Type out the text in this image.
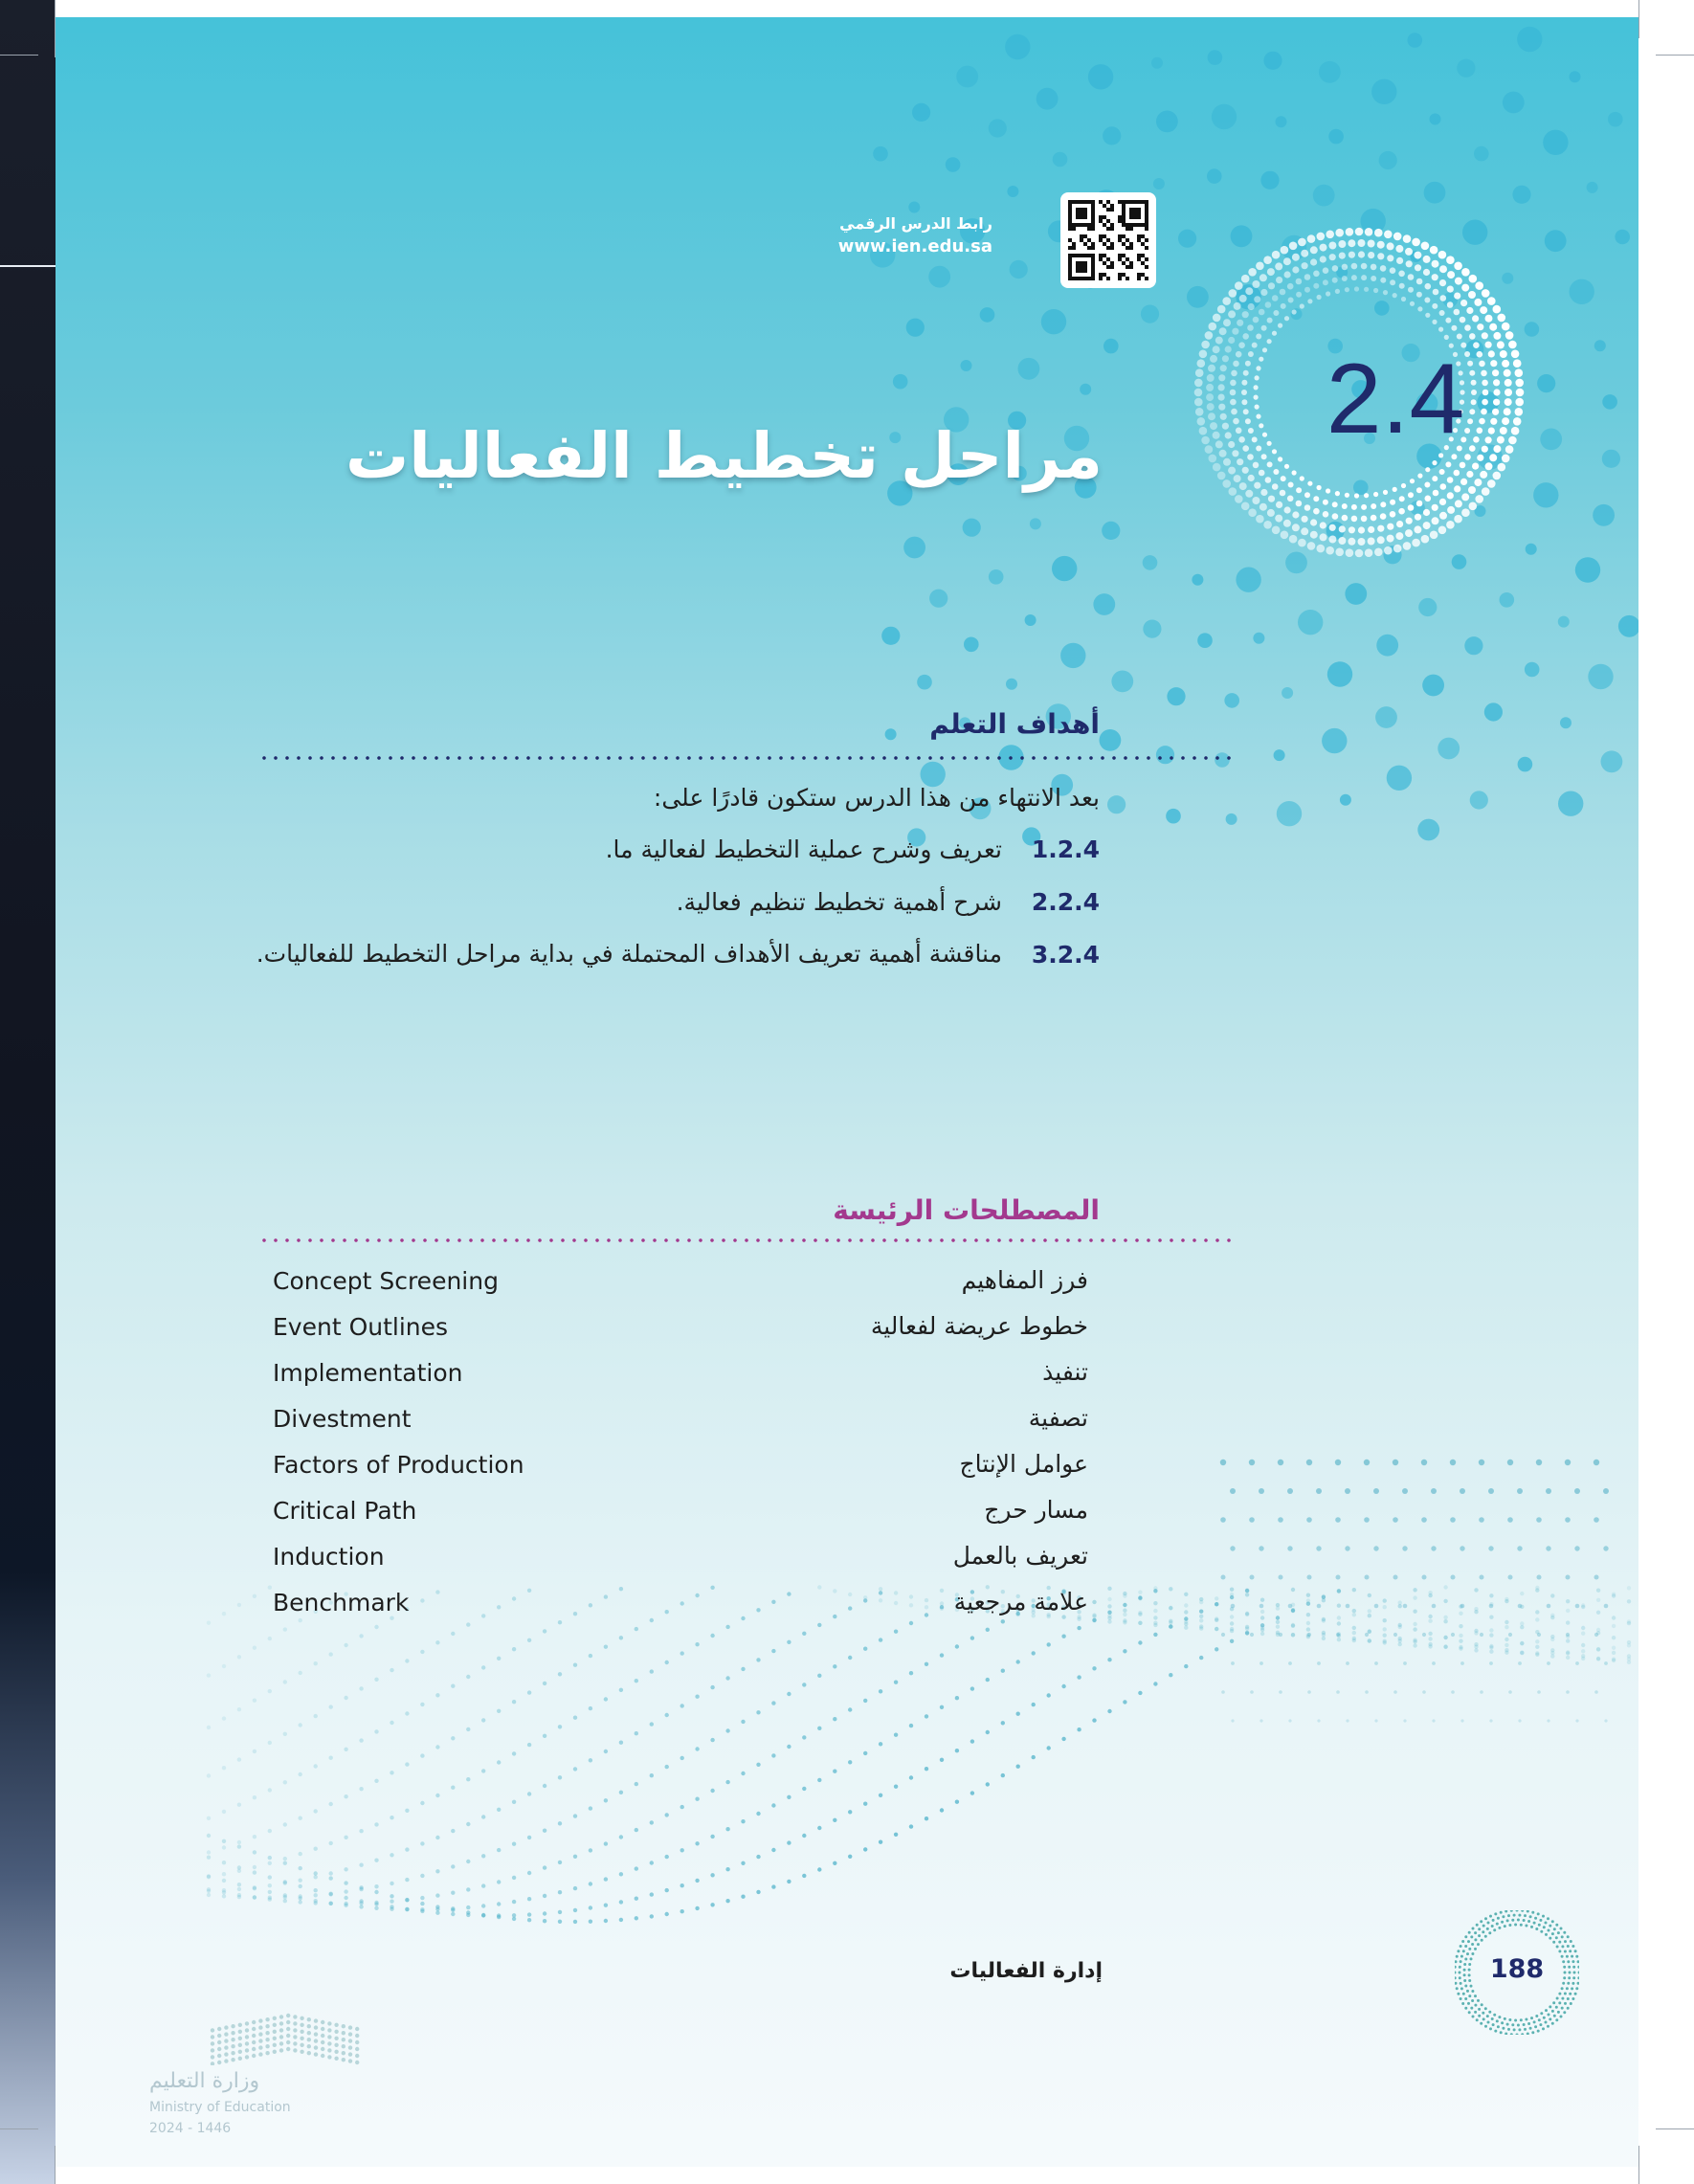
رابط الدرس الرقمي
www.ien.edu.sa
2.4
مراحل تخطيط الفعاليات
أهداف التعلم
بعد الانتهاء من هذا الدرس ستكون قادرًا على:
1.2.4
تعريف وشرح عملية التخطيط لفعالية ما.
2.2.4
شرح أهمية تخطيط تنظيم فعالية.
3.2.4
مناقشة أهمية تعريف الأهداف المحتملة في بداية مراحل التخطيط للفعاليات.
المصطلحات الرئيسة
فرز المفاهيم
Concept Screening
خطوط عريضة لفعالية
Event Outlines
تنفيذ
Implementation
تصفية
Divestment
عوامل الإنتاج
Factors of Production
مسار حرج
Critical Path
تعريف بالعمل
Induction
علامة مرجعية
Benchmark
إدارة الفعاليات	188
وزارة التعليم
Ministry of Education
2024 - 1446
